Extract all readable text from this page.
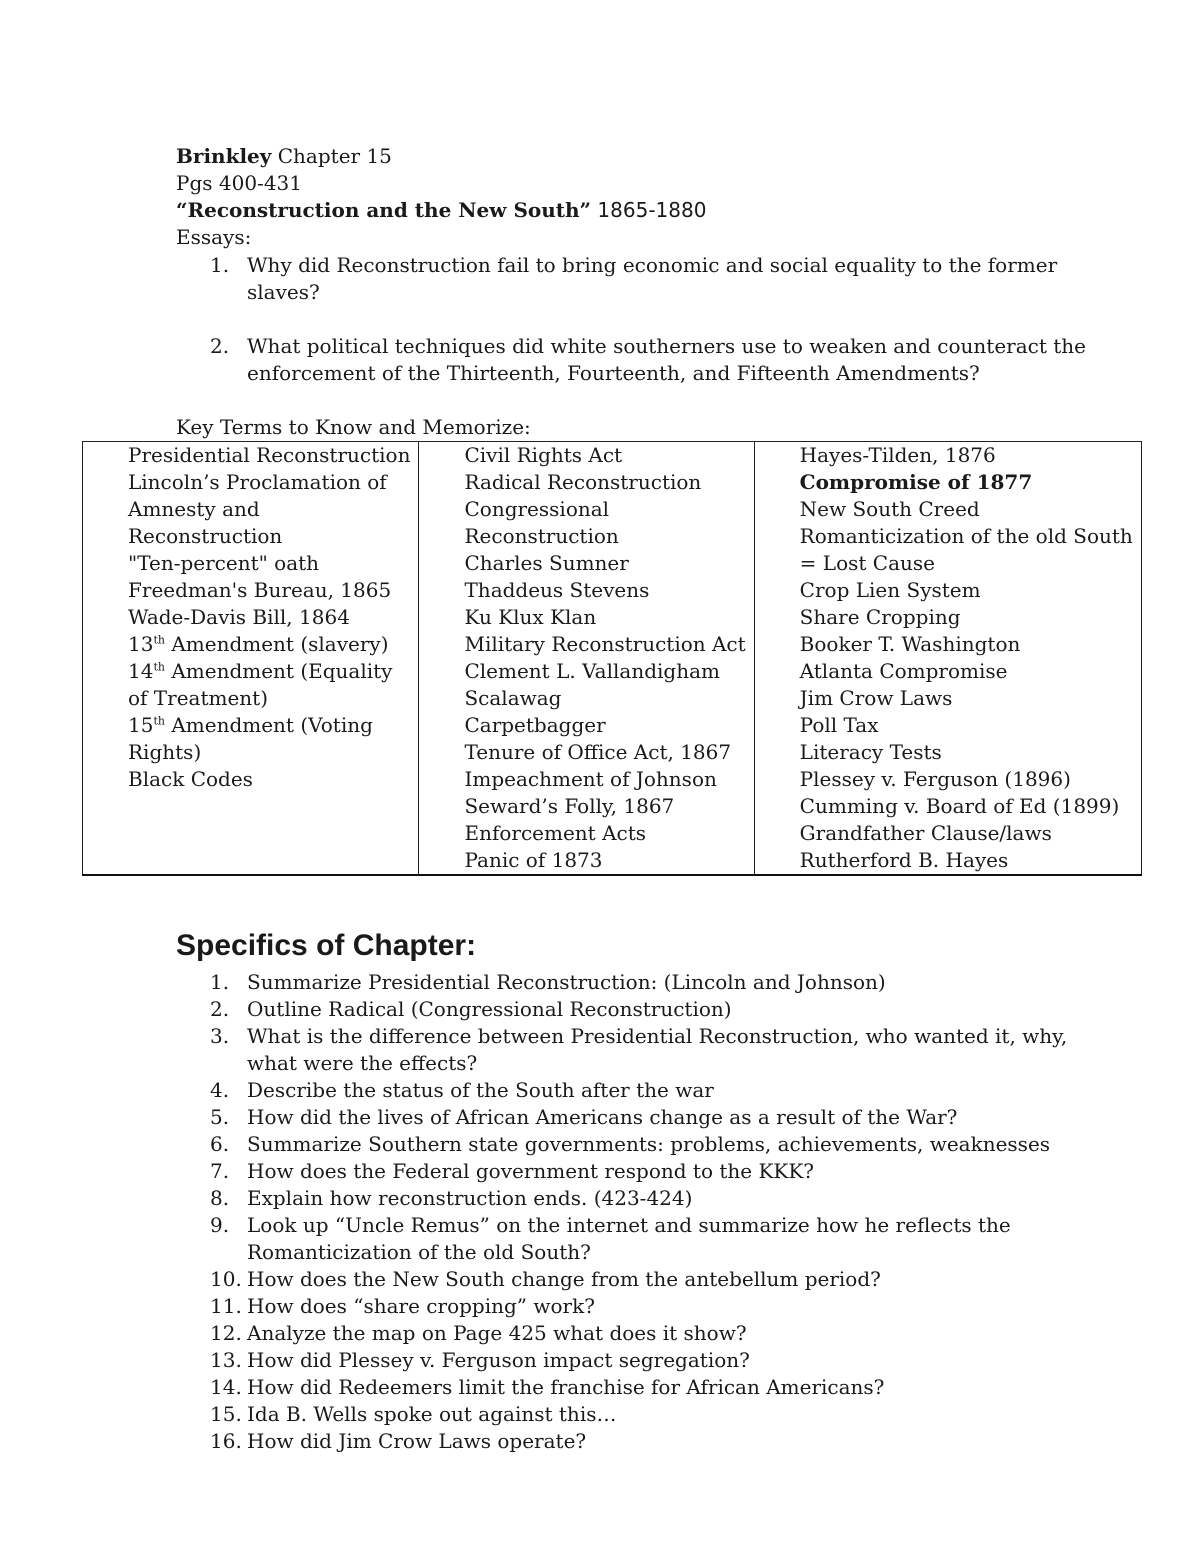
Brinkley Chapter 15
Pgs 400-431
“Reconstruction and the New South” 1865-1880
Essays:
1. Why did Reconstruction fail to bring economic and social equality to the former
slaves?
2. What political techniques did white southerners use to weaken and counteract the
enforcement of the Thirteenth, Fourteenth, and Fifteenth Amendments?
Key Terms to Know and Memorize:
Presidential Reconstruction
Lincoln’s Proclamation of
Amnesty and
Reconstruction
"Ten-percent" oath
Freedman's Bureau, 1865
Wade-Davis Bill, 1864
13th Amendment (slavery)
14th Amendment (Equality
of Treatment)
15th Amendment (Voting
Rights)
Black Codes

Civil Rights Act
Radical Reconstruction
Congressional
Reconstruction
Charles Sumner
Thaddeus Stevens
Ku Klux Klan
Military Reconstruction Act
Clement L. Vallandigham
Scalawag
Carpetbagger
Tenure of Office Act, 1867
Impeachment of Johnson
Seward’s Folly, 1867
Enforcement Acts
Panic of 1873

Hayes-Tilden, 1876
Compromise of 1877
New South Creed
Romanticization of the old South
= Lost Cause
Crop Lien System
Share Cropping
Booker T. Washington
Atlanta Compromise
Jim Crow Laws
Poll Tax
Literacy Tests
Plessey v. Ferguson (1896)
Cumming v. Board of Ed (1899)
Grandfather Clause/laws
Rutherford B. Hayes
Specifics of Chapter:
1. Summarize Presidential Reconstruction: (Lincoln and Johnson)
2. Outline Radical (Congressional Reconstruction)
3. What is the difference between Presidential Reconstruction, who wanted it, why,
what were the effects?
4. Describe the status of the South after the war
5. How did the lives of African Americans change as a result of the War?
6. Summarize Southern state governments: problems, achievements, weaknesses
7. How does the Federal government respond to the KKK?
8. Explain how reconstruction ends. (423-424)
9. Look up “Uncle Remus” on the internet and summarize how he reflects the
Romanticization of the old South?
10. How does the New South change from the antebellum period?
11. How does “share cropping” work?
12. Analyze the map on Page 425 what does it show?
13. How did Plessey v. Ferguson impact segregation?
14. How did Redeemers limit the franchise for African Americans?
15. Ida B. Wells spoke out against this…
16. How did Jim Crow Laws operate?
